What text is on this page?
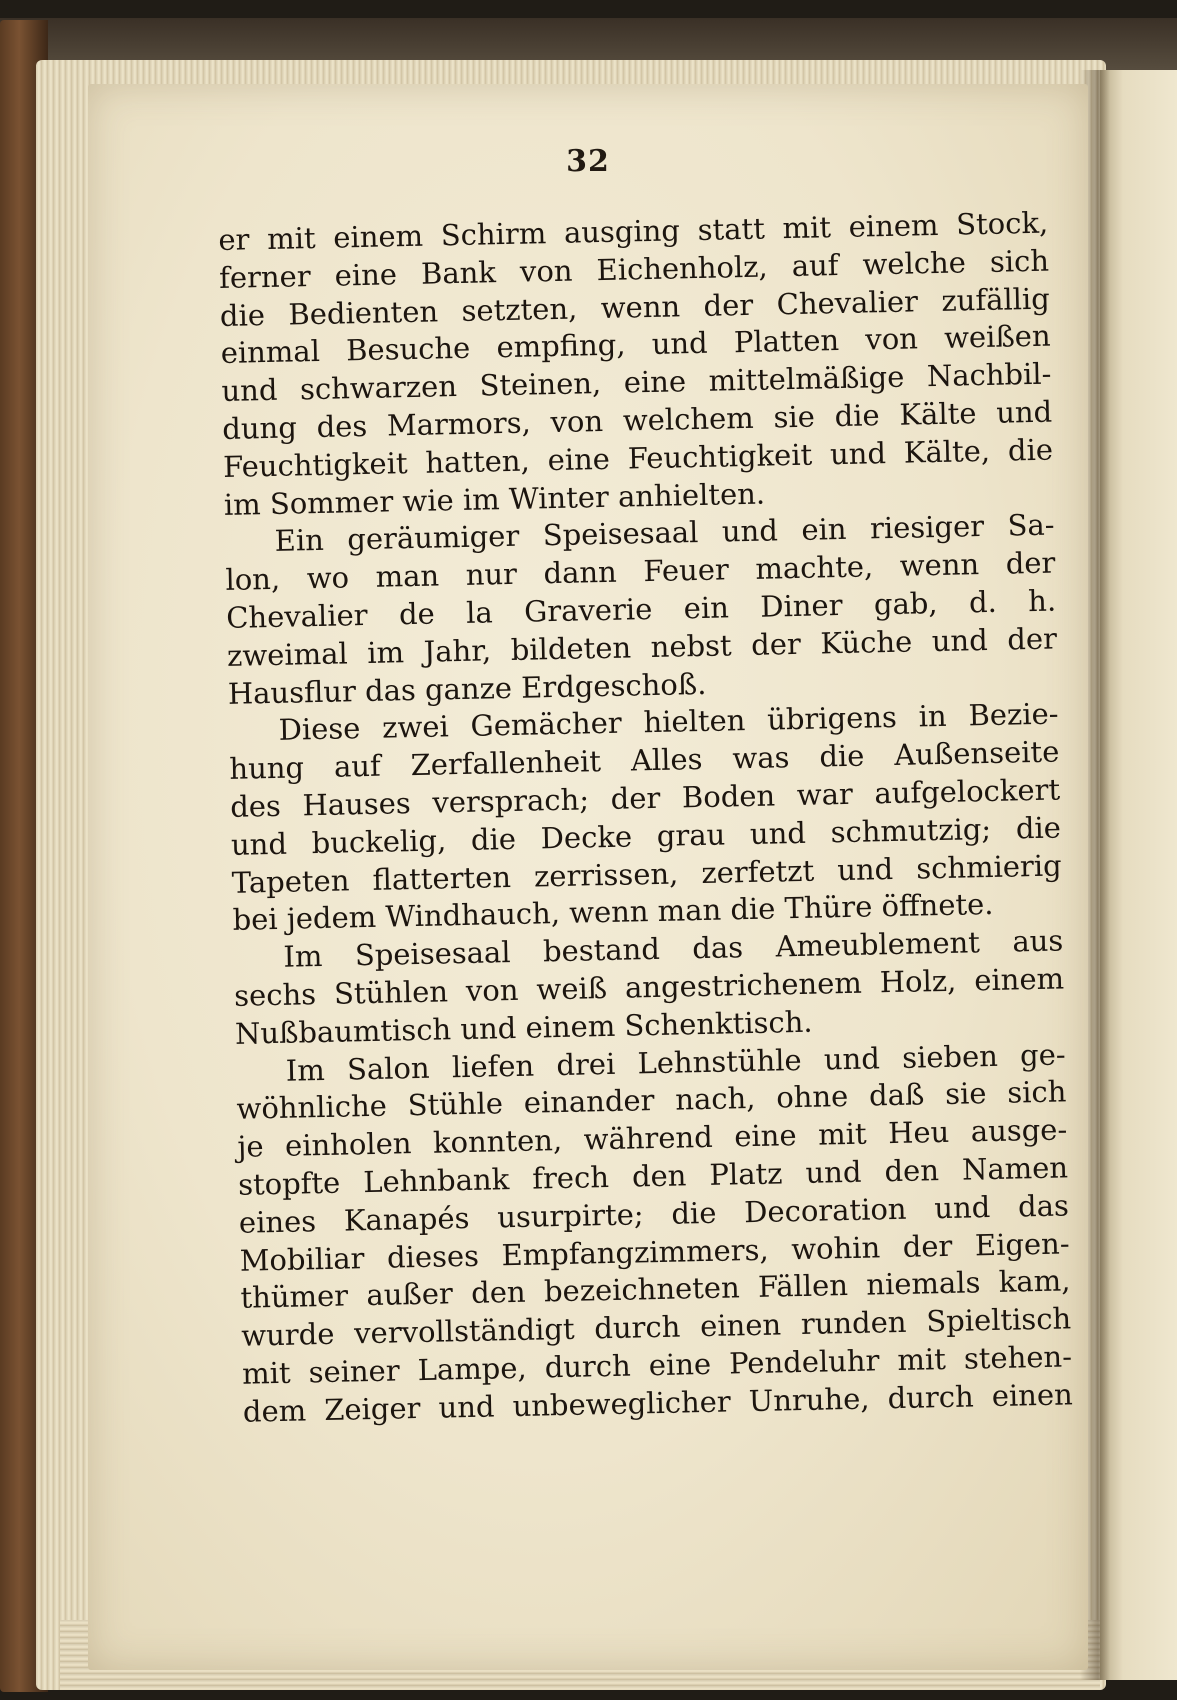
32
er mit einem Schirm ausging statt mit einem Stock,
ferner eine Bank von Eichenholz, auf welche sich
die Bedienten setzten, wenn der Chevalier zufällig
einmal Besuche empfing, und Platten von weißen
und schwarzen Steinen, eine mittelmäßige Nachbil-
dung des Marmors, von welchem sie die Kälte und
Feuchtigkeit hatten, eine Feuchtigkeit und Kälte, die
im Sommer wie im Winter anhielten.
Ein geräumiger Speisesaal und ein riesiger Sa-
lon, wo man nur dann Feuer machte, wenn der
Chevalier de la Graverie ein Diner gab, d. h.
zweimal im Jahr, bildeten nebst der Küche und der
Hausflur das ganze Erdgeschoß.
Diese zwei Gemächer hielten übrigens in Bezie-
hung auf Zerfallenheit Alles was die Außenseite
des Hauses versprach; der Boden war aufgelockert
und buckelig, die Decke grau und schmutzig; die
Tapeten flatterten zerrissen, zerfetzt und schmierig
bei jedem Windhauch, wenn man die Thüre öffnete.
Im Speisesaal bestand das Ameublement aus
sechs Stühlen von weiß angestrichenem Holz, einem
Nußbaumtisch und einem Schenktisch.
Im Salon liefen drei Lehnstühle und sieben ge-
wöhnliche Stühle einander nach, ohne daß sie sich
je einholen konnten, während eine mit Heu ausge-
stopfte Lehnbank frech den Platz und den Namen
eines Kanapés usurpirte; die Decoration und das
Mobiliar dieses Empfangzimmers, wohin der Eigen-
thümer außer den bezeichneten Fällen niemals kam,
wurde vervollständigt durch einen runden Spieltisch
mit seiner Lampe, durch eine Pendeluhr mit stehen-
dem Zeiger und unbeweglicher Unruhe, durch einen
